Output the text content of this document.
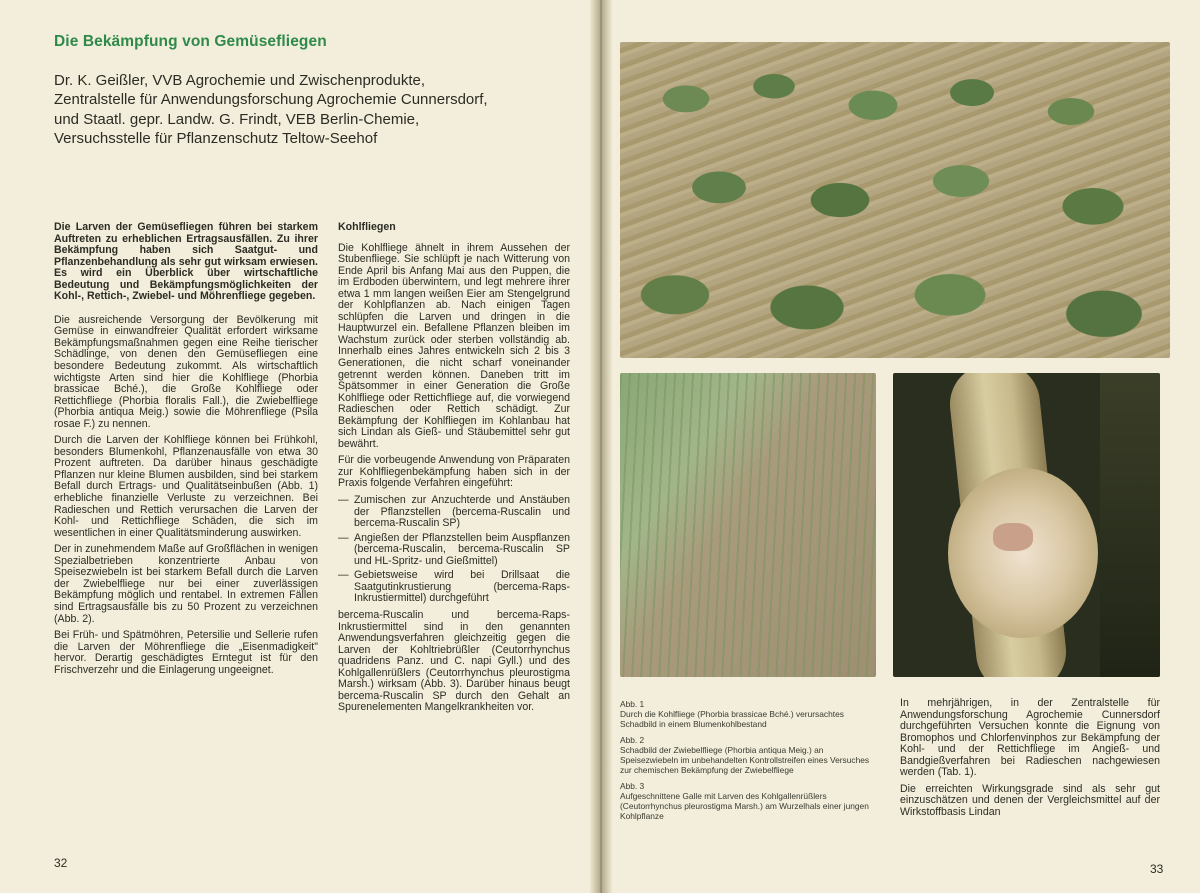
Die Bekämpfung von Gemüsefliegen
Dr. K. Geißler, VVB Agrochemie und Zwischenprodukte,
Zentralstelle für Anwendungsforschung Agrochemie Cunnersdorf,
und Staatl. gepr. Landw. G. Frindt, VEB Berlin-Chemie,
Versuchsstelle für Pflanzenschutz Teltow-Seehof

Die Larven der Gemüsefliegen führen bei starkem Auftreten zu erheblichen Ertragsausfällen. Zu ihrer Bekämpfung haben sich Saatgut- und Pflanzenbehandlung als sehr gut wirksam erwiesen. Es wird ein Überblick über wirtschaftliche Bedeutung und Bekämpfungsmöglichkeiten der Kohl-, Rettich-, Zwiebel- und Möhrenfliege gegeben.

Die ausreichende Versorgung der Bevölkerung mit Gemüse in einwandfreier Qualität erfordert wirksame Bekämpfungsmaßnahmen gegen eine Reihe tierischer Schädlinge, von denen den Gemüsefliegen eine besondere Bedeutung zukommt. Als wirtschaftlich wichtigste Arten sind hier die Kohlfliege (Phorbia brassicae Bché.), die Große Kohlfliege oder Rettichfliege (Phorbia floralis Fall.), die Zwiebelfliege (Phorbia antiqua Meig.) sowie die Möhrenfliege (Psila rosae F.) zu nennen.

Durch die Larven der Kohlfliege können bei Frühkohl, besonders Blumenkohl, Pflanzenausfälle von etwa 30 Prozent auftreten. Da darüber hinaus geschädigte Pflanzen nur kleine Blumen ausbilden, sind bei starkem Befall durch Ertrags- und Qualitätseinbußen (Abb. 1) erhebliche finanzielle Verluste zu verzeichnen. Bei Radieschen und Rettich verursachen die Larven der Kohl- und Rettichfliege Schäden, die sich im wesentlichen in einer Qualitätsminderung auswirken.

Der in zunehmendem Maße auf Großflächen in wenigen Spezialbetrieben konzentrierte Anbau von Speisezwiebeln ist bei starkem Befall durch die Larven der Zwiebelfliege nur bei einer zuverlässigen Bekämpfung möglich und rentabel. In extremen Fällen sind Ertragsausfälle bis zu 50 Prozent zu verzeichnen (Abb. 2).

Bei Früh- und Spätmöhren, Petersilie und Sellerie rufen die Larven der Möhrenfliege die „Eisenmadigkeit" hervor. Derartig geschädigtes Erntegut ist für den Frischverzehr und die Einlagerung ungeeignet.

Kohlfliegen

Die Kohlfliege ähnelt in ihrem Aussehen der Stubenfliege. Sie schlüpft je nach Witterung von Ende April bis Anfang Mai aus den Puppen, die im Erdboden überwintern, und legt mehrere ihrer etwa 1 mm langen weißen Eier am Stengelgrund der Kohlpflanzen ab. Nach einigen Tagen schlüpfen die Larven und dringen in die Hauptwurzel ein. Befallene Pflanzen bleiben im Wachstum zurück oder sterben vollständig ab. Innerhalb eines Jahres entwickeln sich 2 bis 3 Generationen, die nicht scharf voneinander getrennt werden können. Daneben tritt im Spätsommer in einer Generation die Große Kohlfliege oder Rettichfliege auf, die vorwiegend Radieschen oder Rettich schädigt. Zur Bekämpfung der Kohlfliegen im Kohlanbau hat sich Lindan als Gieß- und Stäubemittel sehr gut bewährt.

Für die vorbeugende Anwendung von Präparaten zur Kohlfliegenbekämpfung haben sich in der Praxis folgende Verfahren eingeführt:

— Zumischen zur Anzuchterde und Anstäuben der Pflanzstellen (bercema-Ruscalin und bercema-Ruscalin SP)
— Angießen der Pflanzstellen beim Auspflanzen (bercema-Ruscalin, bercema-Ruscalin SP und HL-Spritz- und Gießmittel)
— Gebietsweise wird bei Drillsaat die Saatgutinkrustierung (bercema-Raps-Inkrustiermittel) durchgeführt

bercema-Ruscalin und bercema-Raps-Inkrustiermittel sind in den genannten Anwendungsverfahren gleichzeitig gegen die Larven der Kohltriebrüßler (Ceutorrhynchus quadridens Panz. und C. napi Gyll.) und des Kohlgallenrüßlers (Ceutorrhynchus pleurostigma Marsh.) wirksam (Abb. 3). Darüber hinaus beugt bercema-Ruscalin SP durch den Gehalt an Spurenelementen Mangelkrankheiten vor.

32

Abb. 1

Durch die Kohlfliege (Phorbia brassicae Bché.) verursachtes Schadbild in einem Blumenkohlbestand

Abb. 2

Schadbild der Zwiebelfliege (Phorbia antiqua Meig.) an Speisezwiebeln im unbehandelten Kontrollstreifen eines Versuches zur chemischen Bekämpfung der Zwiebelfliege

Abb. 3

Aufgeschnittene Galle mit Larven des Kohlgallenrüßlers (Ceutorrhynchus pleurostigma Marsh.) am Wurzelhals einer jungen Kohlpflanze

In mehrjährigen, in der Zentralstelle für Anwendungsforschung Agrochemie Cunnersdorf durchgeführten Versuchen konnte die Eignung von Bromophos und Chlorfenvinphos zur Bekämpfung der Kohl- und der Rettichfliege im Angieß- und Bandgießverfahren bei Radieschen nachgewiesen werden (Tab. 1).

Die erreichten Wirkungsgrade sind als sehr gut einzuschätzen und denen der Vergleichsmittel auf der Wirkstoffbasis Lindan

33
